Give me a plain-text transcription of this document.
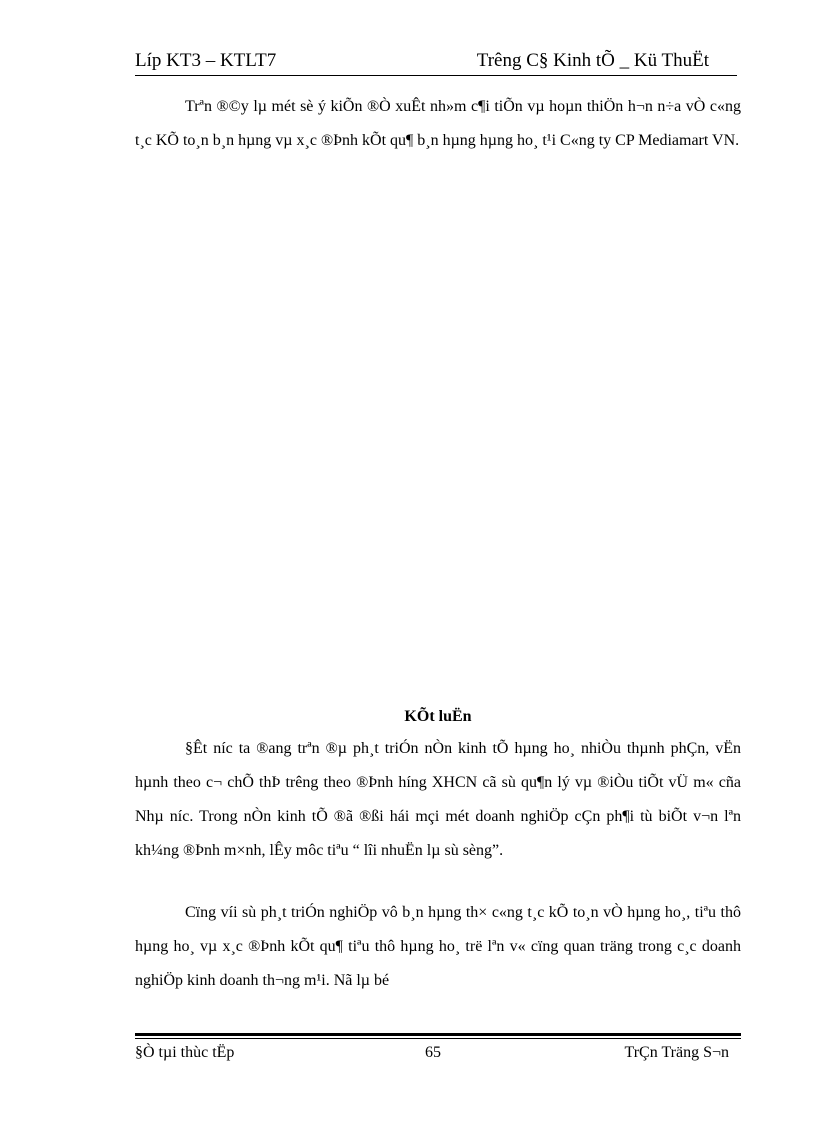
Líp KT3 – KTLT7	Trêng C§ Kinh tÕ _ Kü ThuËt

Trªn ®©y lµ mét sè ý kiÕn ®Ò xuÊt nh»m c¶i tiÕn vµ hoµn thiÖn h¬n n÷a vÒ c«ng t¸c KÕ to¸n b¸n hµng vµ x¸c ®Þnh kÕt qu¶ b¸n hµng hµng ho¸ t¹i C«ng ty CP Mediamart VN.

KÕt luËn

§Êt níc ta ®ang trªn ®µ ph¸t triÓn nÒn kinh tÕ hµng ho¸ nhiÒu thµnh phÇn, vËn hµnh theo c¬ chÕ thÞ trêng theo ®Þnh híng XHCN cã sù qu¶n lý vµ ®iÒu tiÕt vÜ m« cña Nhµ níc. Trong nÒn kinh tÕ ®ã ®ßi hái mçi mét doanh nghiÖp cÇn ph¶i tù biÕt v¬n lªn kh¼ng ®Þnh m×nh, lÊy môc tiªu “ lîi nhuËn lµ sù sèng”.

Cïng víi sù ph¸t triÓn nghiÖp vô b¸n hµng th× c«ng t¸c kÕ to¸n vÒ hµng ho¸, tiªu thô hµng ho¸ vµ x¸c ®Þnh kÕt qu¶ tiªu thô hµng ho¸ trë lªn v« cïng quan träng trong c¸c doanh nghiÖp kinh doanh th¬ng m¹i. Nã lµ bé

§Ò tµi thùc tËp	65	TrÇn Träng S¬n
